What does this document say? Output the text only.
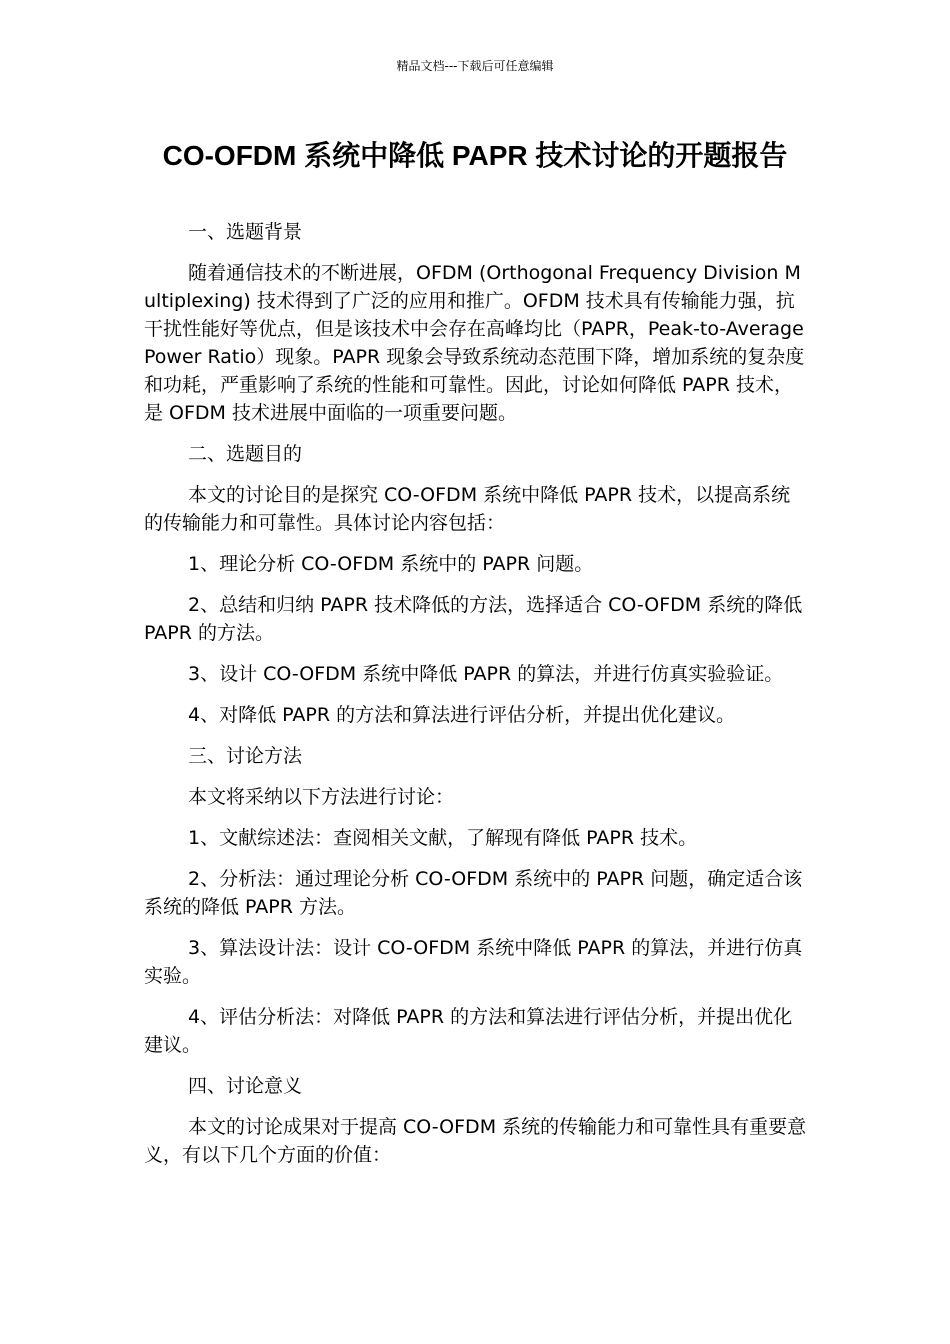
精品文档---下载后可任意编辑
CO-OFDM 系统中降低 PAPR 技术讨论的开题报告

一、选题背景

随着通信技术的不断进展，OFDM (Orthogonal Frequency Division Multiplexing) 技术得到了广泛的应用和推广。OFDM 技术具有传输能力强，抗干扰性能好等优点，但是该技术中会存在高峰均比（PAPR，Peak-to-Average Power Ratio）现象。PAPR 现象会导致系统动态范围下降，增加系统的复杂度和功耗，严重影响了系统的性能和可靠性。因此，讨论如何降低 PAPR 技术，是 OFDM 技术进展中面临的一项重要问题。

二、选题目的

本文的讨论目的是探究 CO-OFDM 系统中降低 PAPR 技术，以提高系统的传输能力和可靠性。具体讨论内容包括：

1、理论分析 CO-OFDM 系统中的 PAPR 问题。

2、总结和归纳 PAPR 技术降低的方法，选择适合 CO-OFDM 系统的降低 PAPR 的方法。

3、设计 CO-OFDM 系统中降低 PAPR 的算法，并进行仿真实验验证。

4、对降低 PAPR 的方法和算法进行评估分析，并提出优化建议。

三、讨论方法

本文将采纳以下方法进行讨论：

1、文献综述法：查阅相关文献，了解现有降低 PAPR 技术。

2、分析法：通过理论分析 CO-OFDM 系统中的 PAPR 问题，确定适合该系统的降低 PAPR 方法。

3、算法设计法：设计 CO-OFDM 系统中降低 PAPR 的算法，并进行仿真实验。

4、评估分析法：对降低 PAPR 的方法和算法进行评估分析，并提出优化建议。

四、讨论意义

本文的讨论成果对于提高 CO-OFDM 系统的传输能力和可靠性具有重要意义，有以下几个方面的价值：
